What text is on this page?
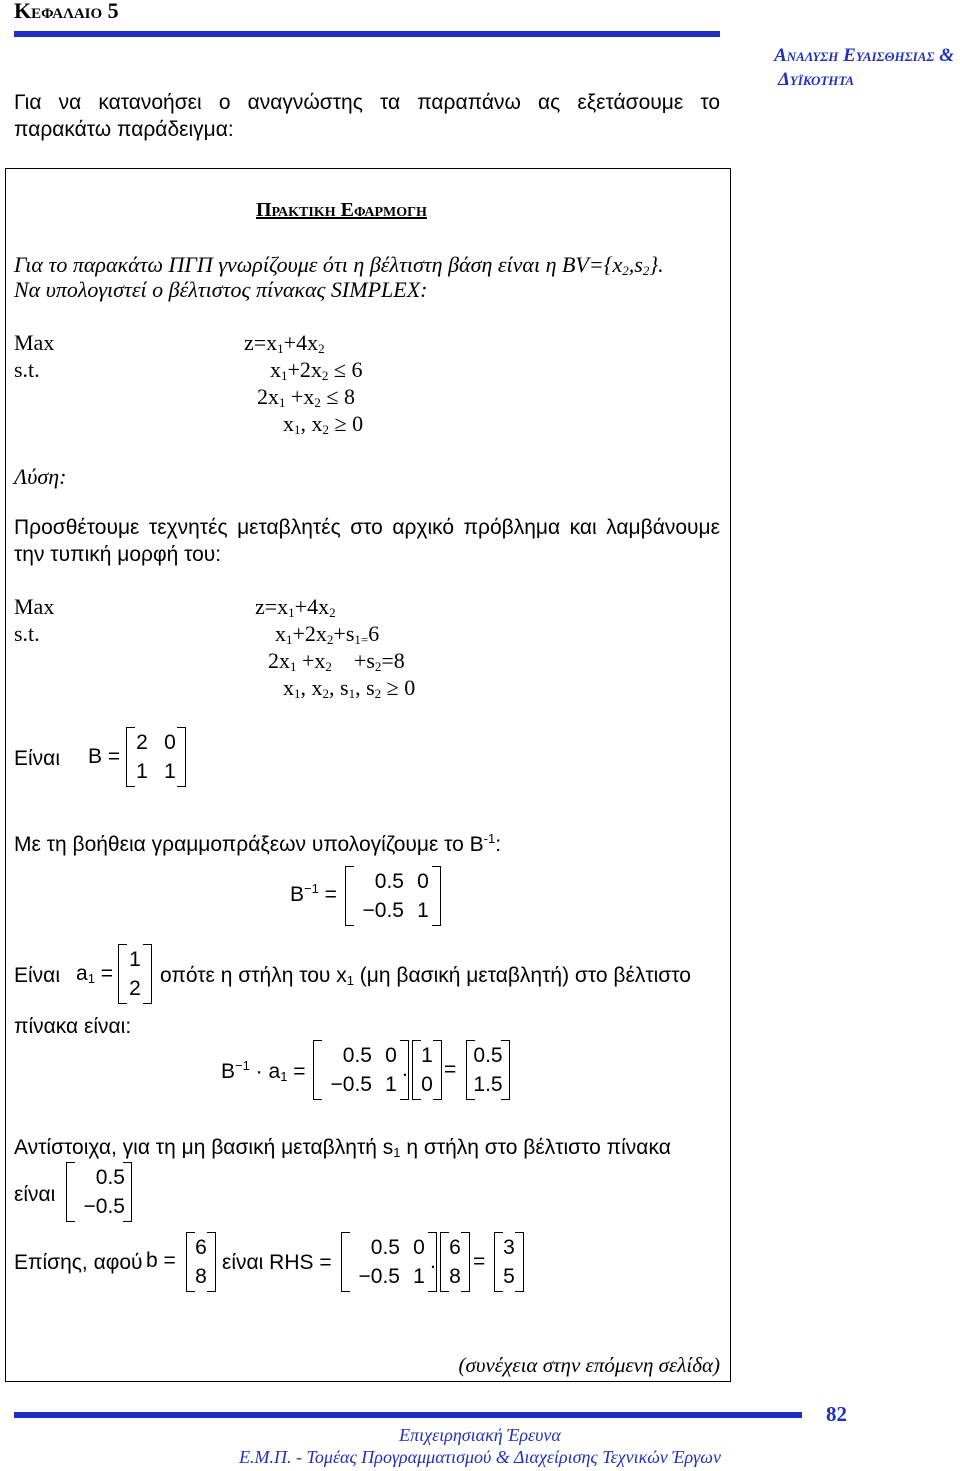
Κεφαλαιο 5
Αναλυση Ευαισθησιας &
Δυϊκοτητα
Για να κατανοήσει ο αναγνώστης τα παραπάνω ας εξετάσουμε το
παρακάτω παράδειγμα:
Πρακτικη Εφαρμογη
Για το παρακάτω ΠΓΠ γνωρίζουμε ότι η βέλτιστη βάση είναι η $BV=\{x_2,s_2\}$.
Να υπολογιστεί ο βέλτιστος πίνακας SIMPLEX:
Max
s.t.
$z=x_1+4x_2$
$x_1+2x_2 \le 6$
$2x_1 +x_2 \le 8$
$x_1$, $x_2 \ge 0$
Λύση:
Προσθέτουμε τεχνητές μεταβλητές στο αρχικό πρόβλημα και λαμβάνουμε
την τυπική μορφή του:
Max
s.t.
$z=x_1+4x_2$
$x_1+2x_2+s_{1=}6$
$2x_1 +x_2$    $+s_2=8$
$x_1$, $x_2$, $s_1$, $s_2 \ge 0$
Είναι B =
2 0
1 1
Με τη βοήθεια γραμμοπράξεων υπολογίζουμε το $B^{-1}$:
$B^{-1}$ =
0.5 0
−0.5 1
Είναι $a_1$ =
1
2
οπότε η στήλη του $x_1$ (μη βασική μεταβλητή) στο βέλτιστο
πίνακα είναι:
$B^{-1} \cdot a_1$ =
0.5 0
−0.5 1
.
1
0
=
0.5
1.5
Αντίστοιχα, για τη μη βασική μεταβλητή $s_1$ η στήλη στο βέλτιστο πίνακα
είναι
0.5
−0.5
Επίσης, αφού b =
6
8
είναι RHS =
0.5 0
−0.5 1
.
6
8
=
3
5
(συνέχεια στην επόμενη σελίδα)
82
Επιχειρησιακή Έρευνα
Ε.Μ.Π. - Τομέας Προγραμματισμού & Διαχείρισης Τεχνικών Έργων
